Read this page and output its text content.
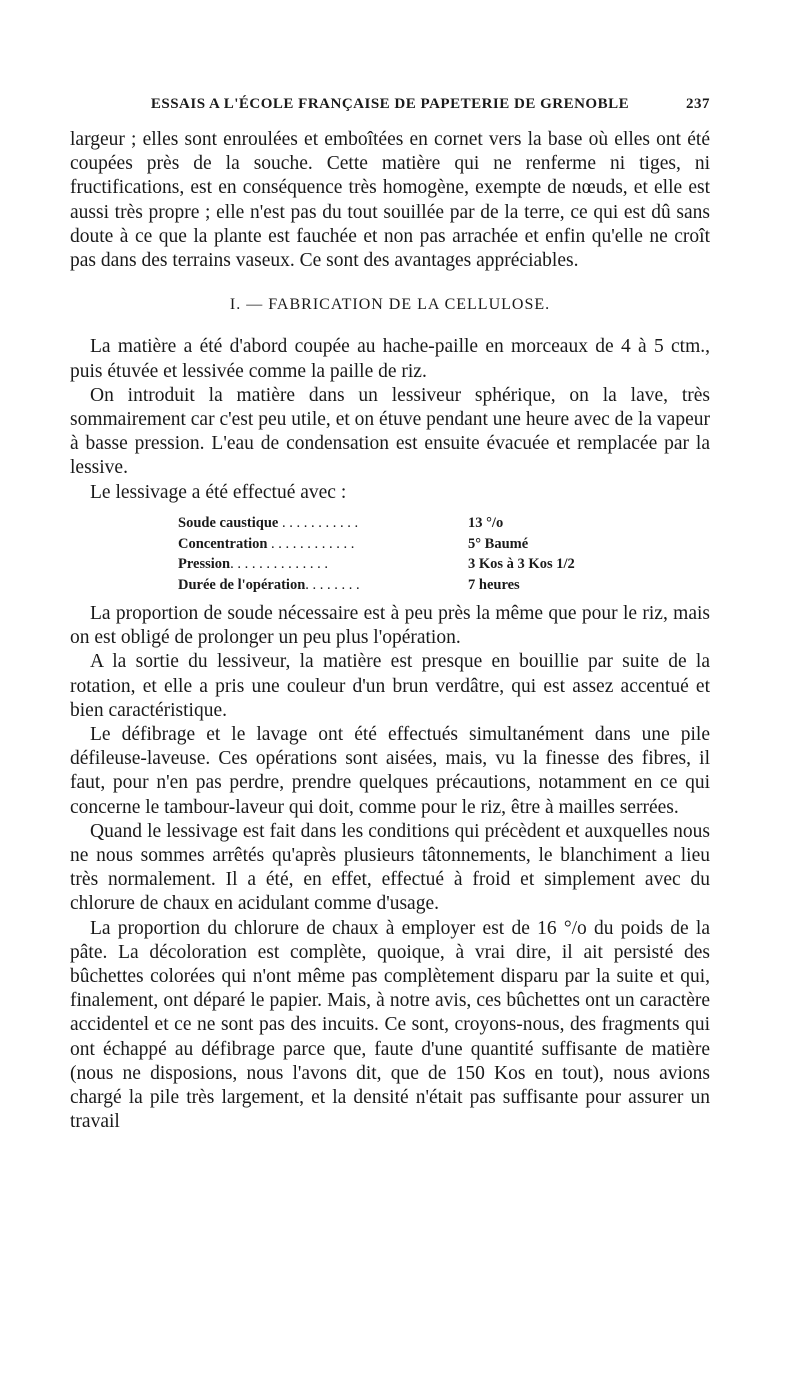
ESSAIS A L'ÉCOLE FRANÇAISE DE PAPETERIE DE GRENOBLE	237

largeur ; elles sont enroulées et emboîtées en cornet vers la base où elles ont été coupées près de la souche. Cette matière qui ne renferme ni tiges, ni fructifications, est en conséquence très homogène, exempte de nœuds, et elle est aussi très propre ; elle n'est pas du tout souillée par de la terre, ce qui est dû sans doute à ce que la plante est fauchée et non pas arrachée et enfin qu'elle ne croît pas dans des terrains vaseux. Ce sont des avantages appréciables.

I. — FABRICATION DE LA CELLULOSE.

La matière a été d'abord coupée au hache-paille en morceaux de 4 à 5 ctm., puis étuvée et lessivée comme la paille de riz.

On introduit la matière dans un lessiveur sphérique, on la lave, très sommairement car c'est peu utile, et on étuve pendant une heure avec de la vapeur à basse pression. L'eau de condensation est ensuite évacuée et remplacée par la lessive.

Le lessivage a été effectué avec :

Soude caustique . . . . . . . . . . .	13 °/o
Concentration . . . . . . . . . . . .	5° Baumé
Pression. . . . . . . . . . . . . .	3 Kos à 3 Kos 1/2
Durée de l'opération. . . . . . . .	7 heures

La proportion de soude nécessaire est à peu près la même que pour le riz, mais on est obligé de prolonger un peu plus l'opération.

A la sortie du lessiveur, la matière est presque en bouillie par suite de la rotation, et elle a pris une couleur d'un brun verdâtre, qui est assez accentué et bien caractéristique.

Le défibrage et le lavage ont été effectués simultanément dans une pile défileuse-laveuse. Ces opérations sont aisées, mais, vu la finesse des fibres, il faut, pour n'en pas perdre, prendre quelques précautions, notamment en ce qui concerne le tambour-laveur qui doit, comme pour le riz, être à mailles serrées.

Quand le lessivage est fait dans les conditions qui précèdent et auxquelles nous ne nous sommes arrêtés qu'après plusieurs tâtonnements, le blanchiment a lieu très normalement. Il a été, en effet, effectué à froid et simplement avec du chlorure de chaux en acidulant comme d'usage.

La proportion du chlorure de chaux à employer est de 16 °/o du poids de la pâte. La décoloration est complète, quoique, à vrai dire, il ait persisté des bûchettes colorées qui n'ont même pas complètement disparu par la suite et qui, finalement, ont déparé le papier. Mais, à notre avis, ces bûchettes ont un caractère accidentel et ce ne sont pas des incuits. Ce sont, croyons-nous, des fragments qui ont échappé au défibrage parce que, faute d'une quantité suffisante de matière (nous ne disposions, nous l'avons dit, que de 150 Kos en tout), nous avions chargé la pile très largement, et la densité n'était pas suffisante pour assurer un travail
